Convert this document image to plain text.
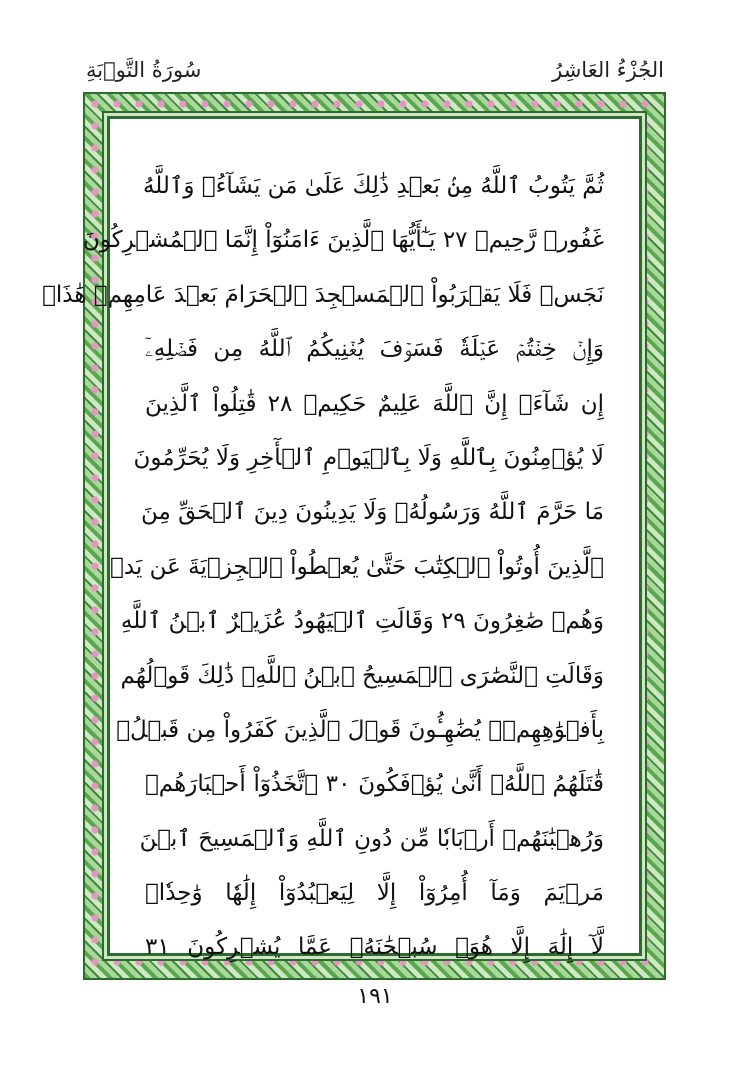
الجُزْءُ العَاشِرُ
سُورَةُ التَّوۡبَةِ
ثُمَّ يَتُوبُ ٱللَّهُ مِنۢ بَعۡدِ ذَٰلِكَ عَلَىٰ مَن يَشَآءُۗ وَٱللَّهُ
غَفُورٞ رَّحِيمٞ ٢٧ يَـٰٓأَيُّهَا ٱلَّذِينَ ءَامَنُوٓاْ إِنَّمَا ٱلۡمُشۡرِكُونَ
نَجَسٞ فَلَا يَقۡرَبُواْ ٱلۡمَسۡجِدَ ٱلۡحَرَامَ بَعۡدَ عَامِهِمۡ هَٰذَاۚ
وَإِنۡ خِفۡتُمۡ عَيۡلَةٗ فَسَوۡفَ يُغۡنِيكُمُ ٱللَّهُ مِن فَضۡلِهِۦٓ
إِن شَآءَۚ إِنَّ ٱللَّهَ عَلِيمٌ حَكِيمٞ ٢٨ قَٰتِلُواْ ٱلَّذِينَ
لَا يُؤۡمِنُونَ بِٱللَّهِ وَلَا بِٱلۡيَوۡمِ ٱلۡأٓخِرِ وَلَا يُحَرِّمُونَ
مَا حَرَّمَ ٱللَّهُ وَرَسُولُهُۥ وَلَا يَدِينُونَ دِينَ ٱلۡحَقِّ مِنَ
ٱلَّذِينَ أُوتُواْ ٱلۡكِتَٰبَ حَتَّىٰ يُعۡطُواْ ٱلۡجِزۡيَةَ عَن يَدٖ
وَهُمۡ صَٰغِرُونَ ٢٩ وَقَالَتِ ٱلۡيَهُودُ عُزَيۡرٌ ٱبۡنُ ٱللَّهِ
وَقَالَتِ ٱلنَّصَٰرَى ٱلۡمَسِيحُ ٱبۡنُ ٱللَّهِۖ ذَٰلِكَ قَوۡلُهُم
بِأَفۡوَٰهِهِمۡۖ يُضَٰهِـُٔونَ قَوۡلَ ٱلَّذِينَ كَفَرُواْ مِن قَبۡلُۚ
قَٰتَلَهُمُ ٱللَّهُۖ أَنَّىٰ يُؤۡفَكُونَ ٣٠ ٱتَّخَذُوٓاْ أَحۡبَارَهُمۡ
وَرُهۡبَٰنَهُمۡ أَرۡبَابٗا مِّن دُونِ ٱللَّهِ وَٱلۡمَسِيحَ ٱبۡنَ
مَرۡيَمَ وَمَآ أُمِرُوٓاْ إِلَّا لِيَعۡبُدُوٓاْ إِلَٰهٗا وَٰحِدٗاۖ
لَّآ إِلَٰهَ إِلَّا هُوَۚ سُبۡحَٰنَهُۥ عَمَّا يُشۡرِكُونَ ٣١
١٩١
